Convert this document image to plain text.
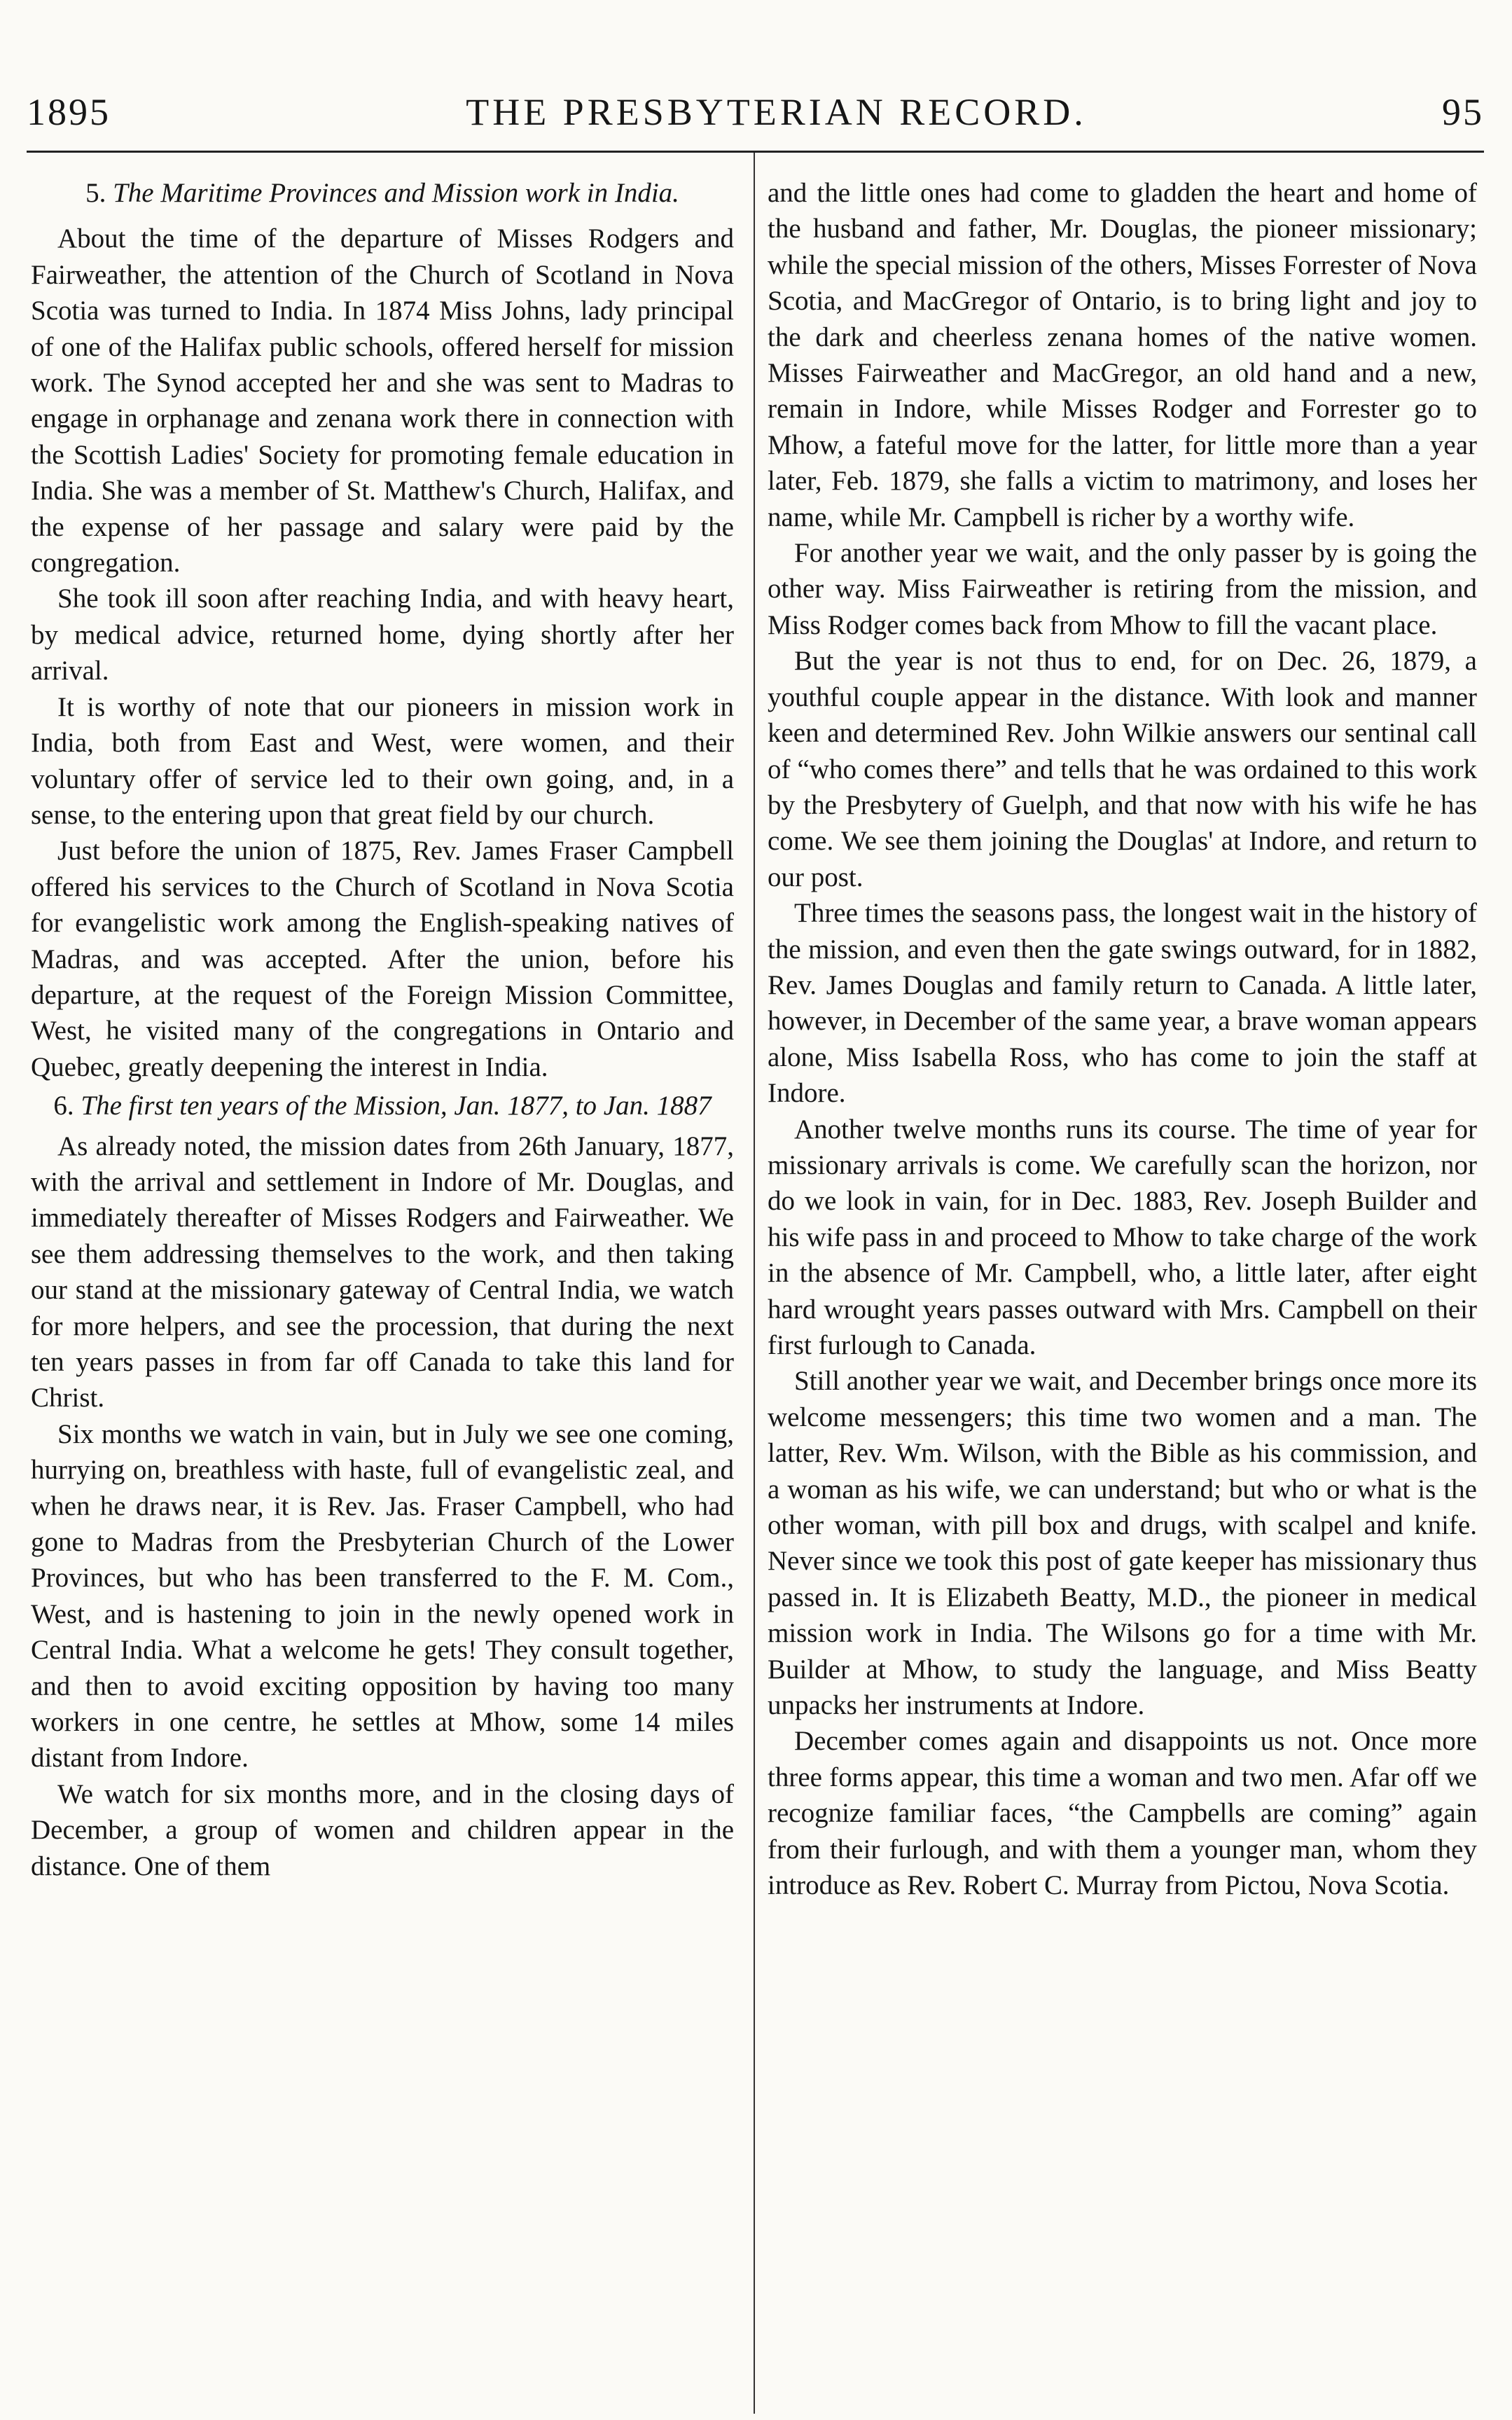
1895	THE PRESBYTERIAN RECORD.	95
5. The Maritime Provinces and Mission work in India.

About the time of the departure of Misses Rodgers and Fairweather, the attention of the Church of Scotland in Nova Scotia was turned to India. In 1874 Miss Johns, lady principal of one of the Halifax public schools, offered herself for mission work. The Synod accepted her and she was sent to Madras to engage in orphanage and zenana work there in connection with the Scottish Ladies' Society for promoting female education in India. She was a member of St. Matthew's Church, Halifax, and the expense of her passage and salary were paid by the congregation.

She took ill soon after reaching India, and with heavy heart, by medical advice, returned home, dying shortly after her arrival.

It is worthy of note that our pioneers in mission work in India, both from East and West, were women, and their voluntary offer of service led to their own going, and, in a sense, to the entering upon that great field by our church.

Just before the union of 1875, Rev. James Fraser Campbell offered his services to the Church of Scotland in Nova Scotia for evangelistic work among the English-speaking natives of Madras, and was accepted. After the union, before his departure, at the request of the Foreign Mission Committee, West, he visited many of the congregations in Ontario and Quebec, greatly deepening the interest in India.

6. The first ten years of the Mission, Jan. 1877, to Jan. 1887

As already noted, the mission dates from 26th January, 1877, with the arrival and settlement in Indore of Mr. Douglas, and immediately thereafter of Misses Rodgers and Fairweather. We see them addressing themselves to the work, and then taking our stand at the missionary gateway of Central India, we watch for more helpers, and see the procession, that during the next ten years passes in from far off Canada to take this land for Christ.

Six months we watch in vain, but in July we see one coming, hurrying on, breathless with haste, full of evangelistic zeal, and when he draws near, it is Rev. Jas. Fraser Campbell, who had gone to Madras from the Presbyterian Church of the Lower Provinces, but who has been transferred to the F. M. Com., West, and is hastening to join in the newly opened work in Central India. What a welcome he gets! They consult together, and then to avoid exciting opposition by having too many workers in one centre, he settles at Mhow, some 14 miles distant from Indore.

We watch for six months more, and in the closing days of December, a group of women and children appear in the distance. One of them

and the little ones had come to gladden the heart and home of the husband and father, Mr. Douglas, the pioneer missionary; while the special mission of the others, Misses Forrester of Nova Scotia, and MacGregor of Ontario, is to bring light and joy to the dark and cheerless zenana homes of the native women. Misses Fairweather and MacGregor, an old hand and a new, remain in Indore, while Misses Rodger and Forrester go to Mhow, a fateful move for the latter, for little more than a year later, Feb. 1879, she falls a victim to matrimony, and loses her name, while Mr. Campbell is richer by a worthy wife.

For another year we wait, and the only passer by is going the other way. Miss Fairweather is retiring from the mission, and Miss Rodger comes back from Mhow to fill the vacant place.

But the year is not thus to end, for on Dec. 26, 1879, a youthful couple appear in the distance. With look and manner keen and determined Rev. John Wilkie answers our sentinal call of “who comes there” and tells that he was ordained to this work by the Presbytery of Guelph, and that now with his wife he has come. We see them joining the Douglas' at Indore, and return to our post.

Three times the seasons pass, the longest wait in the history of the mission, and even then the gate swings outward, for in 1882, Rev. James Douglas and family return to Canada. A little later, however, in December of the same year, a brave woman appears alone, Miss Isabella Ross, who has come to join the staff at Indore.

Another twelve months runs its course. The time of year for missionary arrivals is come. We carefully scan the horizon, nor do we look in vain, for in Dec. 1883, Rev. Joseph Builder and his wife pass in and proceed to Mhow to take charge of the work in the absence of Mr. Campbell, who, a little later, after eight hard wrought years passes outward with Mrs. Campbell on their first furlough to Canada.

Still another year we wait, and December brings once more its welcome messengers; this time two women and a man. The latter, Rev. Wm. Wilson, with the Bible as his commission, and a woman as his wife, we can understand; but who or what is the other woman, with pill box and drugs, with scalpel and knife. Never since we took this post of gate keeper has missionary thus passed in. It is Elizabeth Beatty, M.D., the pioneer in medical mission work in India. The Wilsons go for a time with Mr. Builder at Mhow, to study the language, and Miss Beatty unpacks her instruments at Indore.

December comes again and disappoints us not. Once more three forms appear, this time a woman and two men. Afar off we recognize familiar faces, “the Campbells are coming” again from their furlough, and with them a younger man, whom they introduce as Rev. Robert C. Murray from Pictou, Nova Scotia.
